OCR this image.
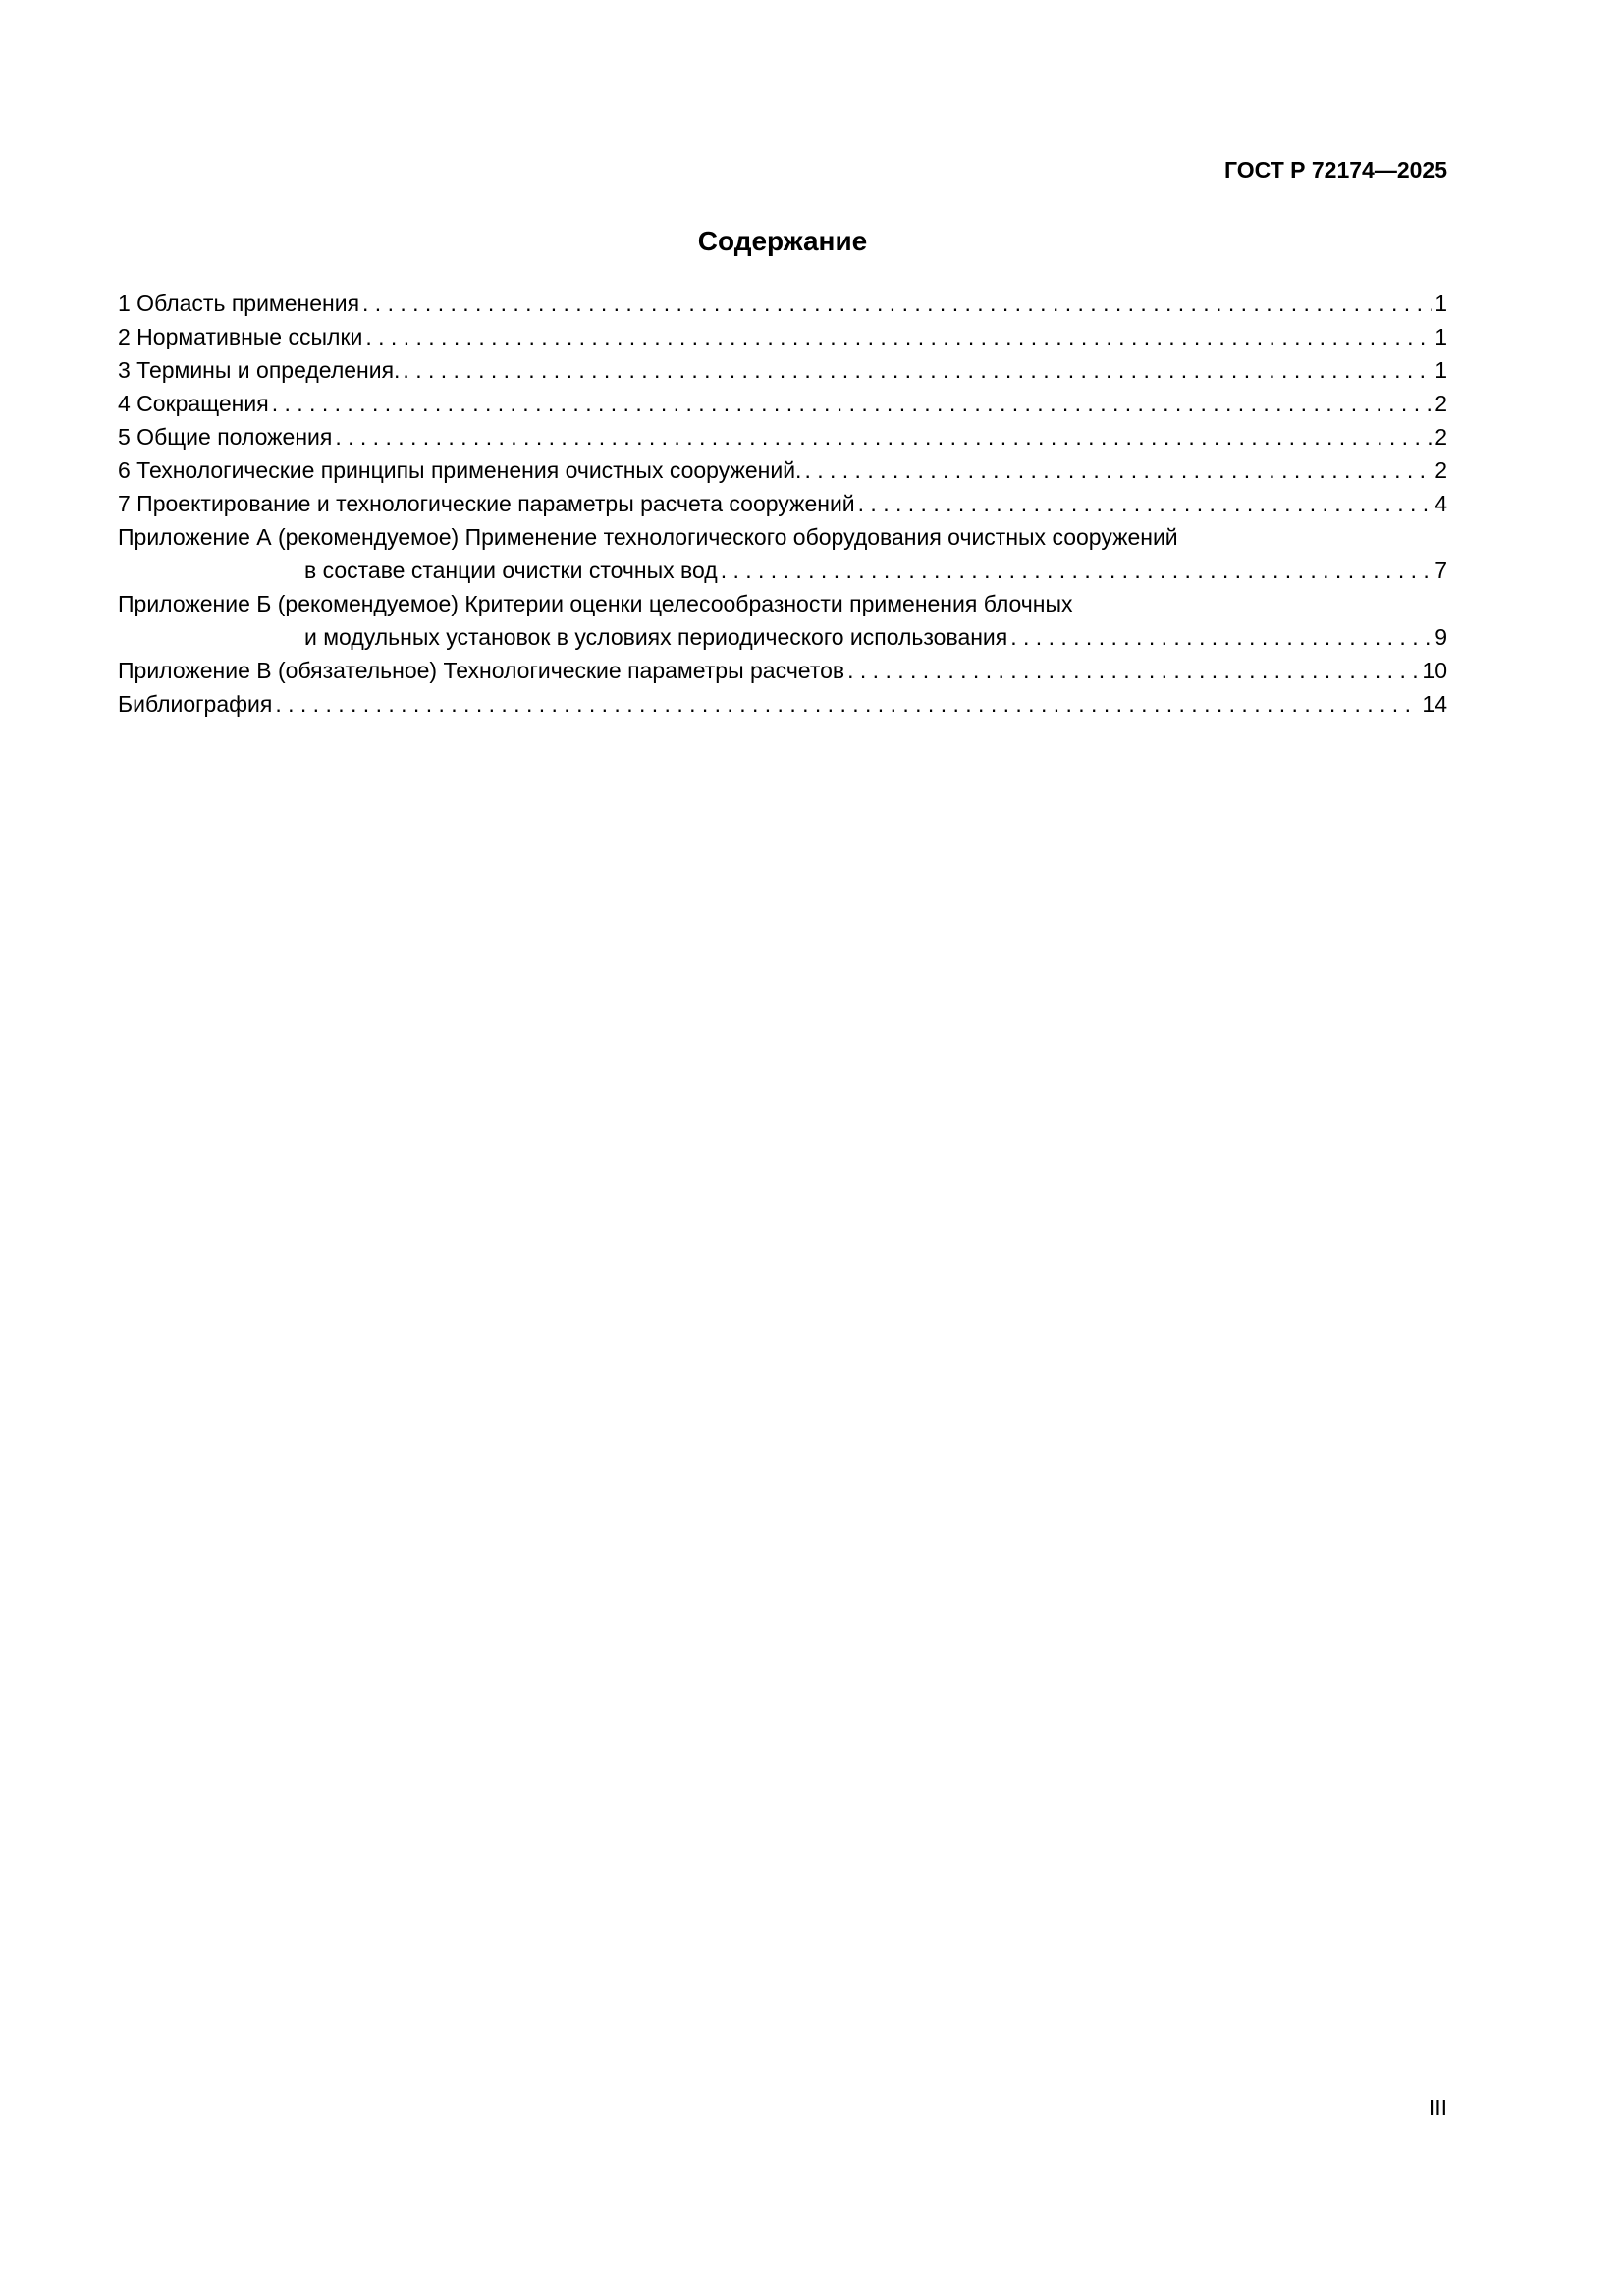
ГОСТ Р 72174—2025
Содержание
1 Область применения . . .	1
2 Нормативные ссылки . . .	1
3 Термины и определения. . . .	1
4 Сокращения . . .	2
5 Общие положения . . .	2
6 Технологические принципы применения очистных сооружений. . . .	2
7 Проектирование и технологические параметры расчета сооружений . . .	4
Приложение А (рекомендуемое) Применение технологического оборудования очистных сооружений
в составе станции очистки сточных вод . . .	7
Приложение Б (рекомендуемое) Критерии оценки целесообразности применения блочных
и модульных установок в условиях периодического использования . . .	9
Приложение В (обязательное) Технологические параметры расчетов . . .	10
Библиография . . .	14
III
